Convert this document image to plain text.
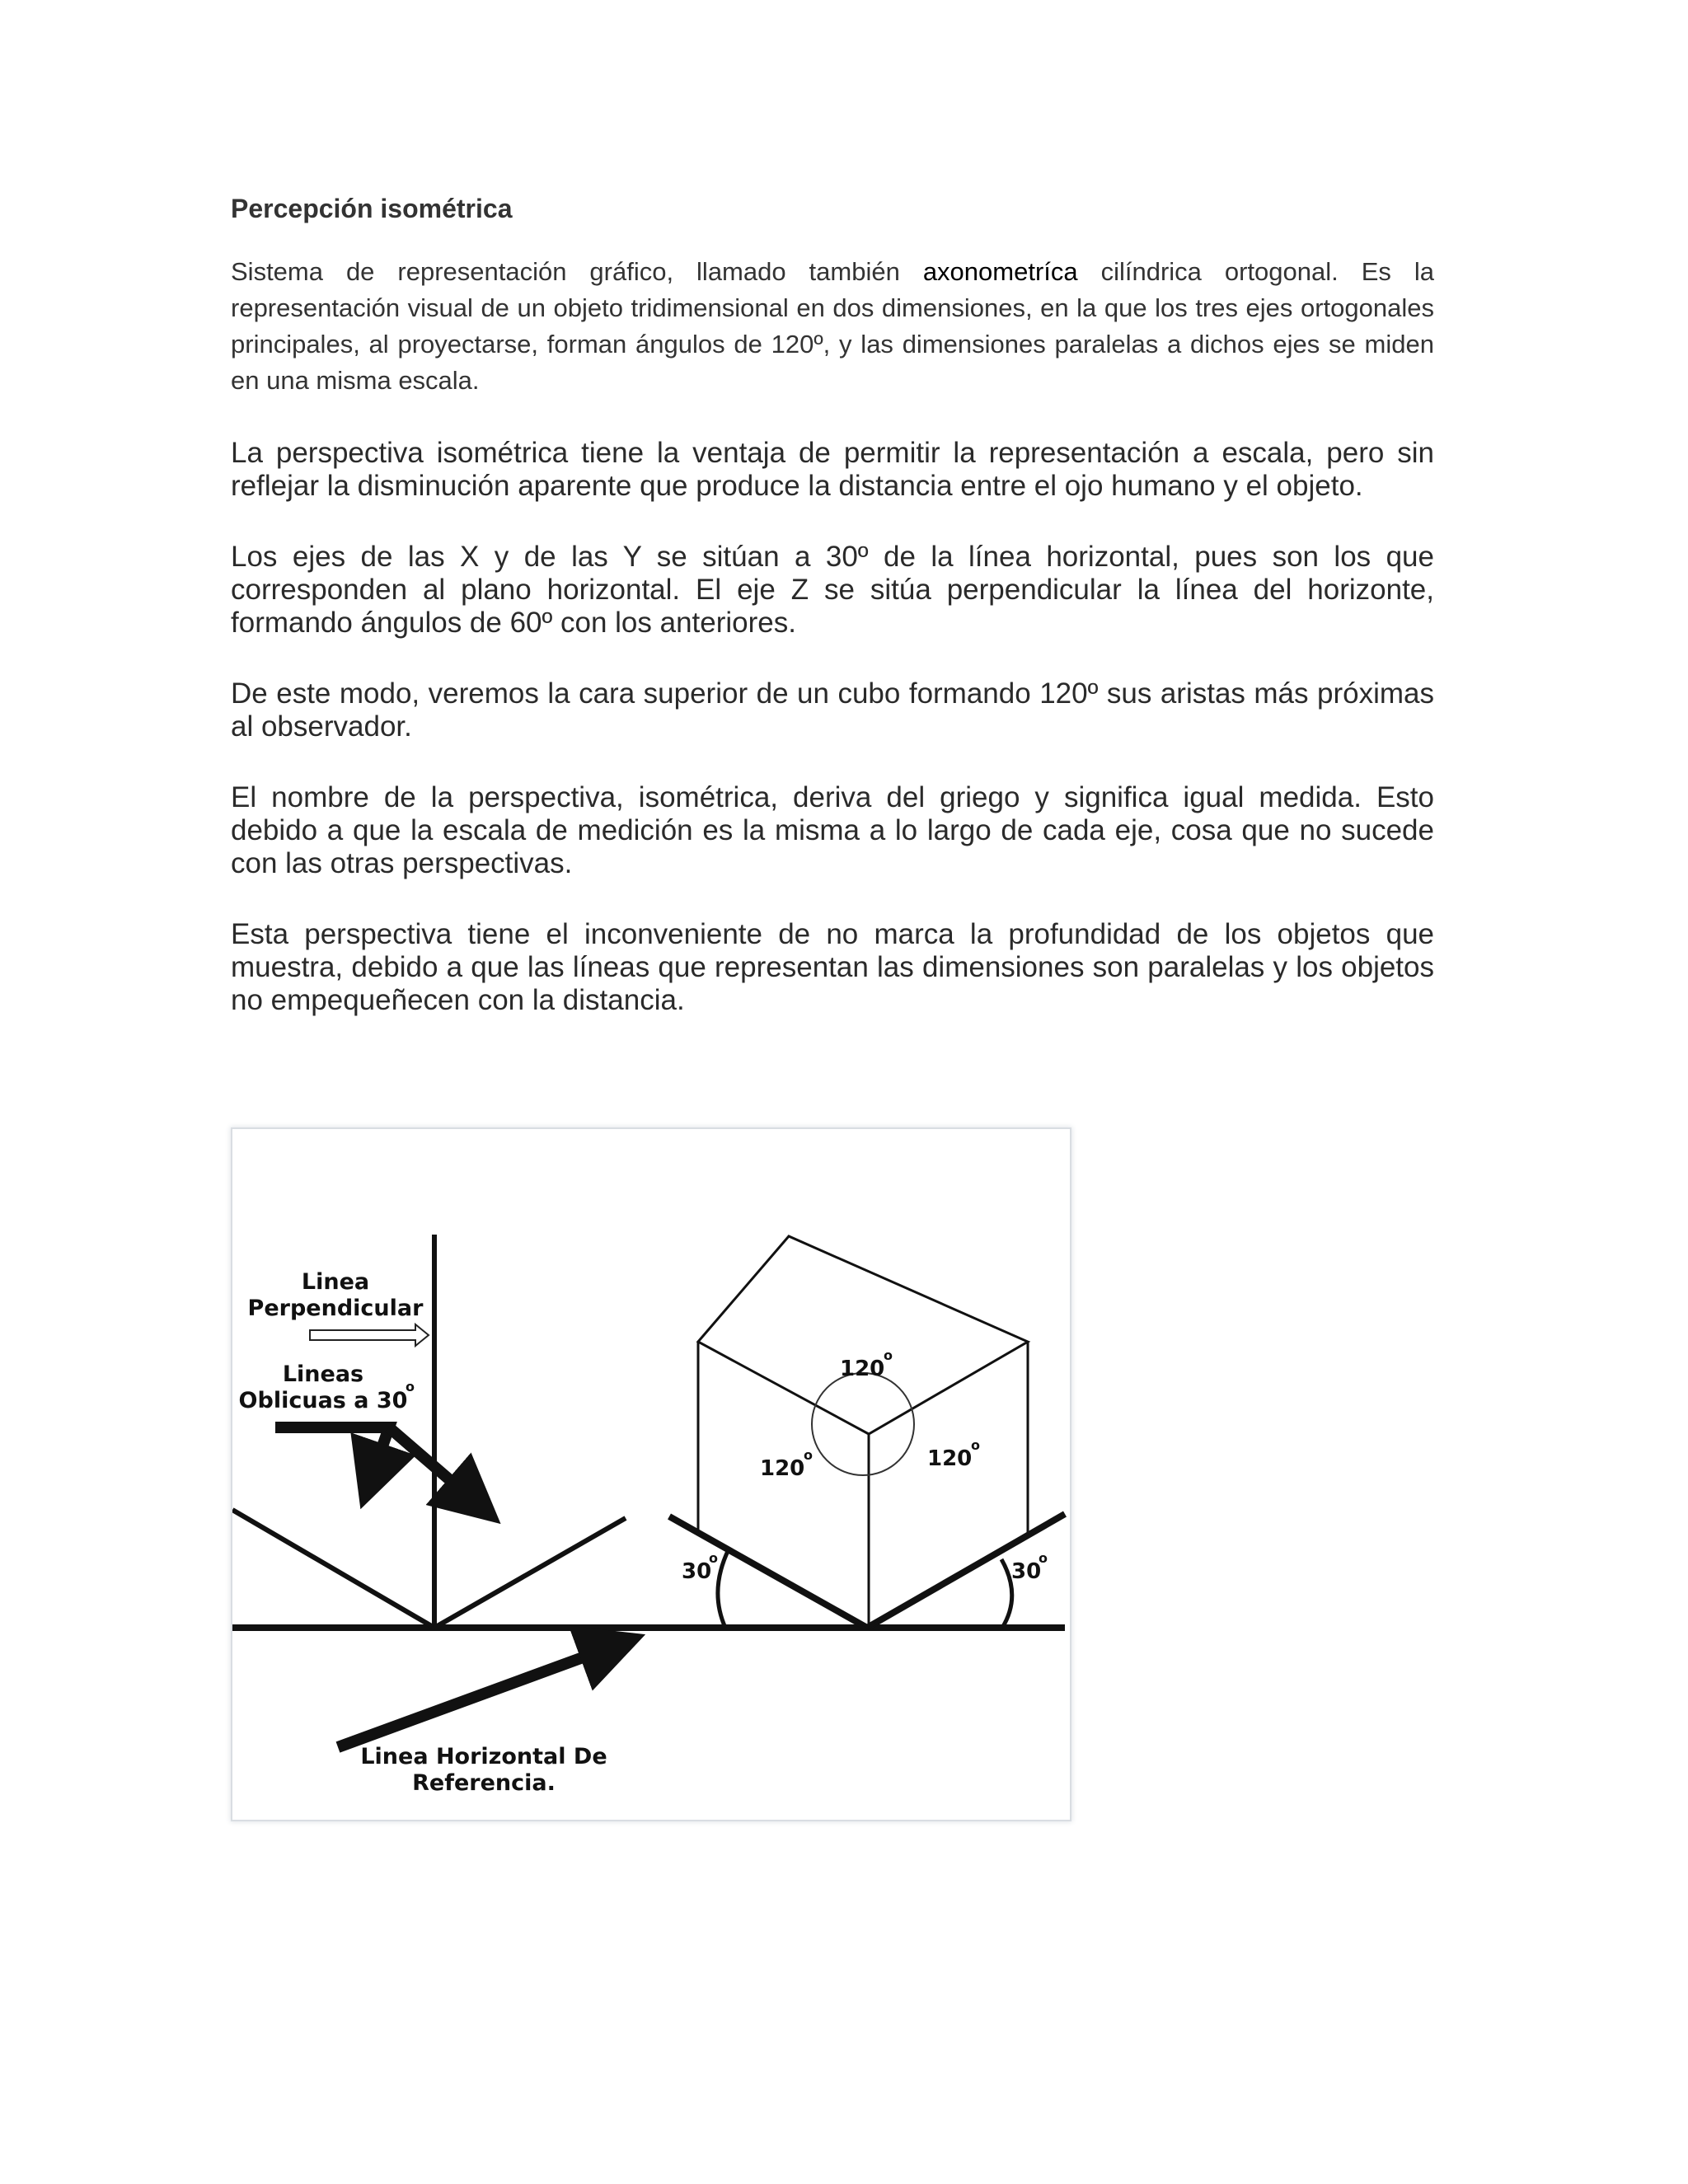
Percepción isométrica

Sistema de representación gráfico, llamado también axonometríca cilíndrica ortogonal. Es la representación visual de un objeto tridimensional en dos dimensiones, en la que los tres ejes ortogonales principales, al proyectarse, forman ángulos de 120º, y las dimensiones paralelas a dichos ejes se miden en una misma escala.

La perspectiva isométrica tiene la ventaja de permitir la representación a escala, pero sin reflejar la disminución aparente que produce la distancia entre el ojo humano y el objeto.

Los ejes de las X y de las Y se sitúan a 30º de la línea horizontal, pues son los que corresponden al plano horizontal. El eje Z se sitúa perpendicular la línea del horizonte, formando ángulos de 60º con los anteriores.

De este modo, veremos la cara superior de un cubo formando 120º sus aristas más próximas al observador.

El nombre de la perspectiva, isométrica, deriva del griego y significa igual medida. Esto debido a que la escala de medición es la misma a lo largo de cada eje, cosa que no sucede con las otras perspectivas.

Esta perspectiva tiene el inconveniente de no marca la profundidad de los objetos que muestra, debido a que las líneas que representan las dimensiones son paralelas y los objetos no empequeñecen con la distancia.

120
o
120
o	120
o
30
o
30
o
o
Linea
Perpendicular
Lineas
Oblicuas a 30
Linea Horizontal De
Referencia.
